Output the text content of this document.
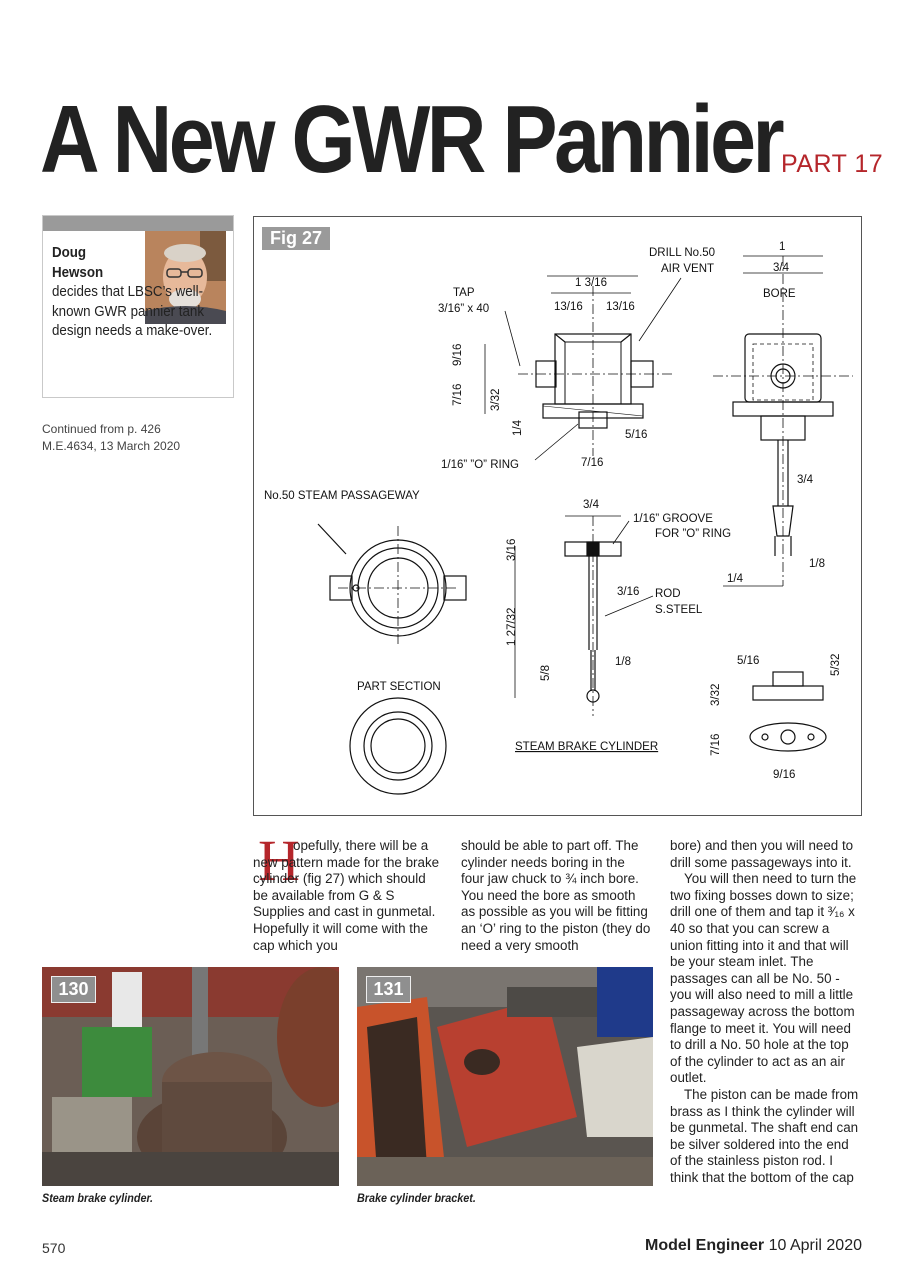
A New GWR Pannier PART 17
Doug
Hewson
decides that LBSC’s well-known GWR pannier tank design needs a make-over.
Continued from p. 426
M.E.4634, 13 March 2020
DRILL No.50
AIR VENT
TAP
3/16” x 40
1 3/16
13/16 13/16
9/16
7/16 3/32
1/4	5/16
1/16” ”O” RING	7/16
1
3/4
BORE
3/4
1/8
1/4
No.50 STEAM PASSAGEWAY
3/4
1/16” GROOVE
FOR ”O” RING
3/16
3/16 ROD
S.STEEL
1 27/32
5/8
1/8
PART SECTION
STEAM BRAKE CYLINDER
5/16	5/32
3/32
7/16
9/16
Fig 27
H

opefully, there will be a new pattern made for the brake cylinder (fig 27) which should be available from G & S Supplies and cast in gunmetal. Hopefully it will come with the cap which you

should be able to part off. The cylinder needs boring in the four jaw chuck to ¾ inch bore. You need the bore as smooth as possible as you will be fitting an ‘O’ ring to the piston (they do need a very smooth

bore) and then you will need to drill some passageways into it.

You will then need to turn the two fixing bosses down to size; drill one of them and tap it ³⁄₁₆ x 40 so that you can screw a union fitting into it and that will be your steam inlet. The passages can all be No. 50 - you will also need to mill a little passageway across the bottom flange to meet it. You will need to drill a No. 50 hole at the top of the cylinder to act as an air outlet.

The piston can be made from brass as I think the cylinder will be gunmetal. The shaft end can be silver soldered into the end of the stainless piston rod. I think that the bottom of the cap

130
Steam brake cylinder.
131
Brake cylinder bracket.
570	Model Engineer 10 April 2020
